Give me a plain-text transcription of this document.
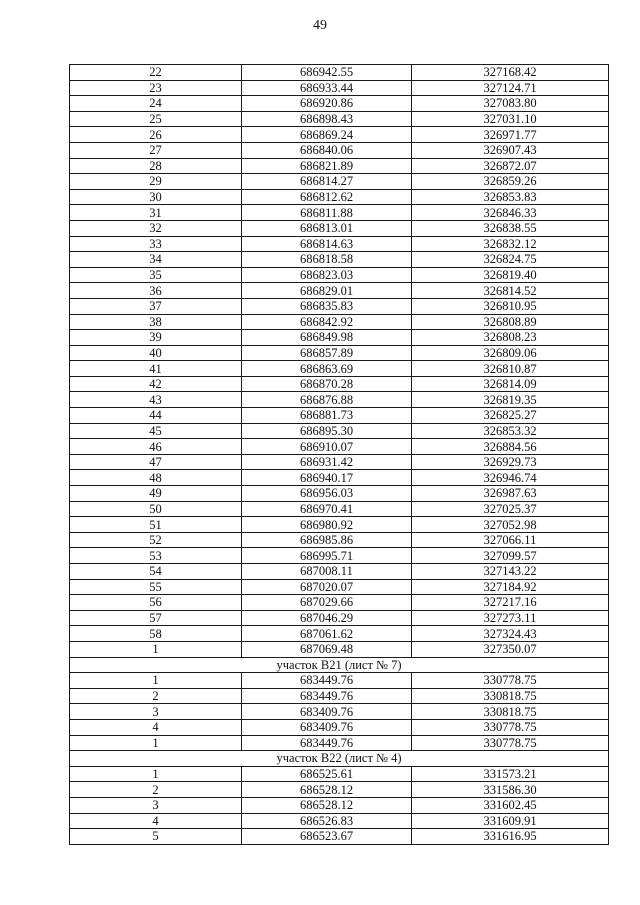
49
22	686942.55	327168.42
23	686933.44	327124.71
24	686920.86	327083.80
25	686898.43	327031.10
26	686869.24	326971.77
27	686840.06	326907.43
28	686821.89	326872.07
29	686814.27	326859.26
30	686812.62	326853.83
31	686811.88	326846.33
32	686813.01	326838.55
33	686814.63	326832.12
34	686818.58	326824.75
35	686823.03	326819.40
36	686829.01	326814.52
37	686835.83	326810.95
38	686842.92	326808.89
39	686849.98	326808.23
40	686857.89	326809.06
41	686863.69	326810.87
42	686870.28	326814.09
43	686876.88	326819.35
44	686881.73	326825.27
45	686895.30	326853.32
46	686910.07	326884.56
47	686931.42	326929.73
48	686940.17	326946.74
49	686956.03	326987.63
50	686970.41	327025.37
51	686980.92	327052.98
52	686985.86	327066.11
53	686995.71	327099.57
54	687008.11	327143.22
55	687020.07	327184.92
56	687029.66	327217.16
57	687046.29	327273.11
58	687061.62	327324.43
1	687069.48	327350.07
участок В21 (лист № 7)		
1	683449.76	330778.75
2	683449.76	330818.75
3	683409.76	330818.75
4	683409.76	330778.75
1	683449.76	330778.75
участок В22 (лист № 4)		
1	686525.61	331573.21
2	686528.12	331586.30
3	686528.12	331602.45
4	686526.83	331609.91
5	686523.67	331616.95
